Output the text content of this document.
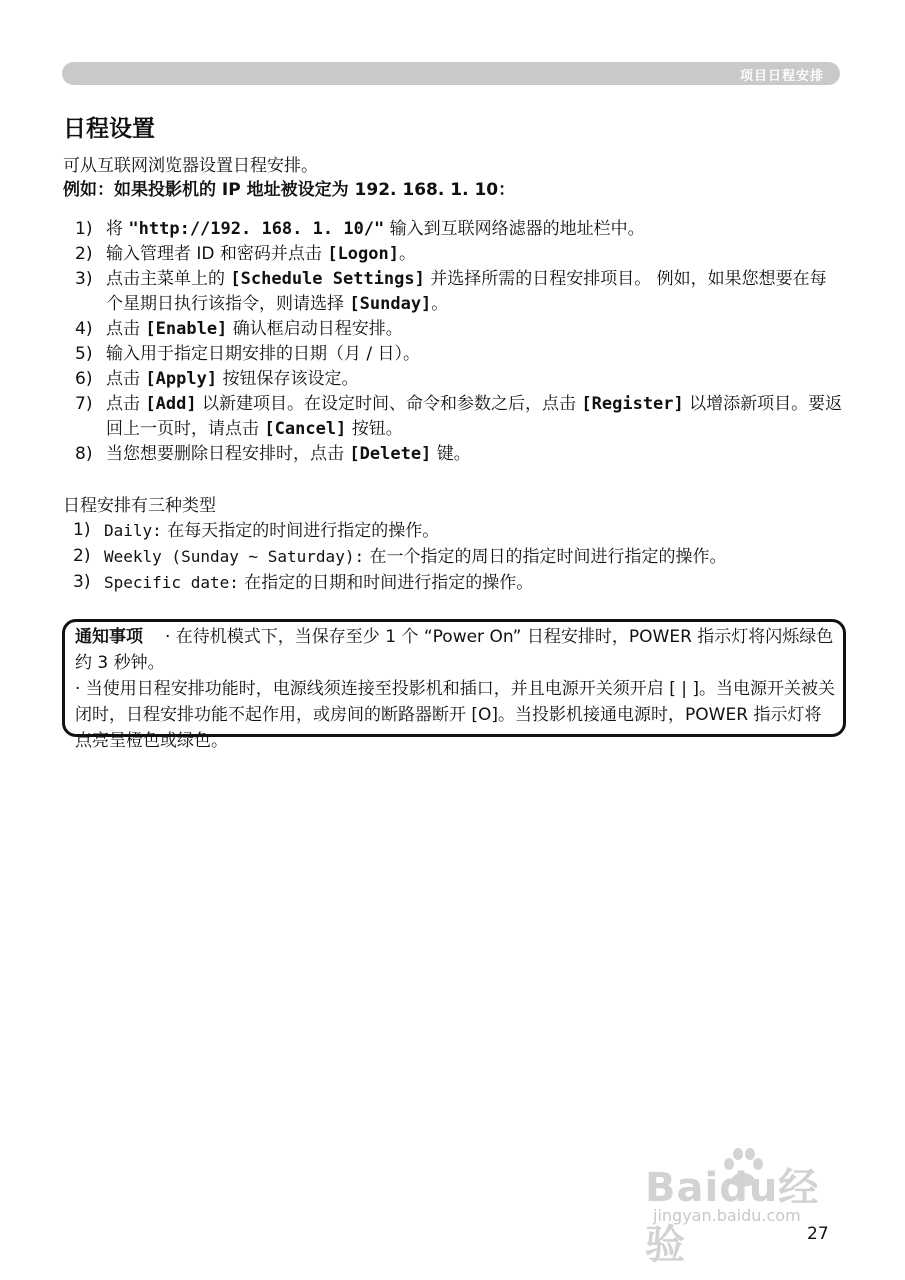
项目日程安排
日程设置
可从互联网浏览器设置日程安排。
例如：如果投影机的 IP 地址被设定为 192. 168. 1. 10：
1) 将 "http://192. 168. 1. 10/" 输入到互联网络滤器的地址栏中。
2) 输入管理者 ID 和密码并点击 [Logon]。
3) 点击主菜单上的 [Schedule Settings] 并选择所需的日程安排项目。 例如，如果您想要在每个星期日执行该指令，则请选择 [Sunday]。
4) 点击 [Enable] 确认框启动日程安排。
5) 输入用于指定日期安排的日期（月 / 日）。
6) 点击 [Apply] 按钮保存该设定。
7) 点击 [Add] 以新建项目。在设定时间、命令和参数之后，点击 [Register] 以增添新项目。要返回上一页时，请点击 [Cancel] 按钮。
8) 当您想要删除日程安排时，点击 [Delete] 键。
日程安排有三种类型
1) Daily: 在每天指定的时间进行指定的操作。
2) Weekly (Sunday ~ Saturday): 在一个指定的周日的指定时间进行指定的操作。
3) Specific date: 在指定的日期和时间进行指定的操作。
通知事项 · 在待机模式下，当保存至少 1 个 “Power On” 日程安排时，POWER 指示灯将闪烁绿色约 3 秒钟。
· 当使用日程安排功能时，电源线须连接至投影机和插口，并且电源开关须开启 [ | ]。当电源开关被关闭时，日程安排功能不起作用，或房间的断路器断开 [O]。当投影机接通电源时，POWER 指示灯将点亮呈橙色或绿色。
Baidu经验
jingyan.baidu.com
27
